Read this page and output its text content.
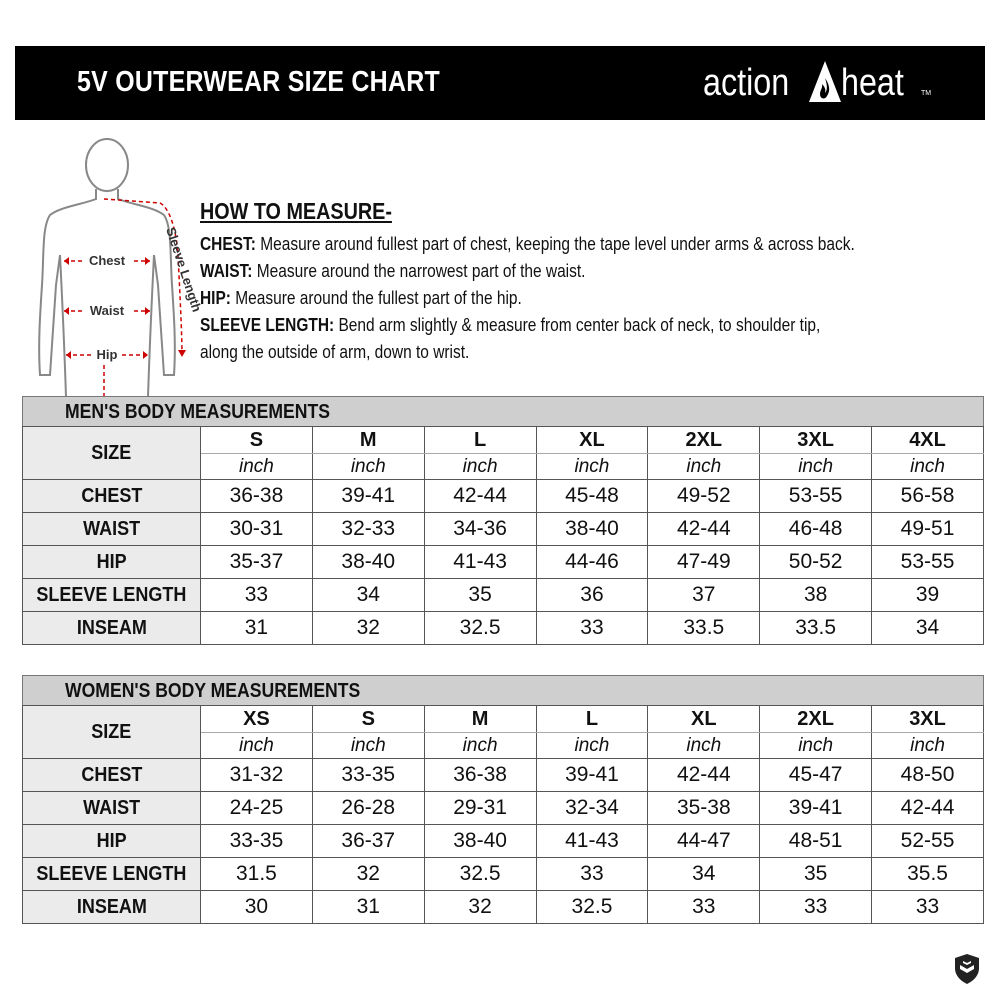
5V OUTERWEAR SIZE CHART	action heat TM
Chest
Waist
Hip
Sleeve Length
HOW TO MEASURE-
CHEST: Measure around fullest part of chest, keeping the tape level under arms & across back.
WAIST: Measure around the narrowest part of the waist.
HIP: Measure around the fullest part of the hip.
SLEEVE LENGTH: Bend arm slightly & measure from center back of neck, to shoulder tip,
along the outside of arm, down to wrist.
MEN'S BODY MEASUREMENTS
SIZE	S	M	L	XL	2XL	3XL	4XL
	inch	inch	inch	inch	inch	inch	inch
CHEST	36-38	39-41	42-44	45-48	49-52	53-55	56-58
WAIST	30-31	32-33	34-36	38-40	42-44	46-48	49-51
HIP	35-37	38-40	41-43	44-46	47-49	50-52	53-55
SLEEVE LENGTH	33	34	35	36	37	38	39
INSEAM	31	32	32.5	33	33.5	33.5	34
WOMEN'S BODY MEASUREMENTS
SIZE	XS	S	M	L	XL	2XL	3XL
	inch	inch	inch	inch	inch	inch	inch
CHEST	31-32	33-35	36-38	39-41	42-44	45-47	48-50
WAIST	24-25	26-28	29-31	32-34	35-38	39-41	42-44
HIP	33-35	36-37	38-40	41-43	44-47	48-51	52-55
SLEEVE LENGTH	31.5	32	32.5	33	34	35	35.5
INSEAM	30	31	32	32.5	33	33	33
